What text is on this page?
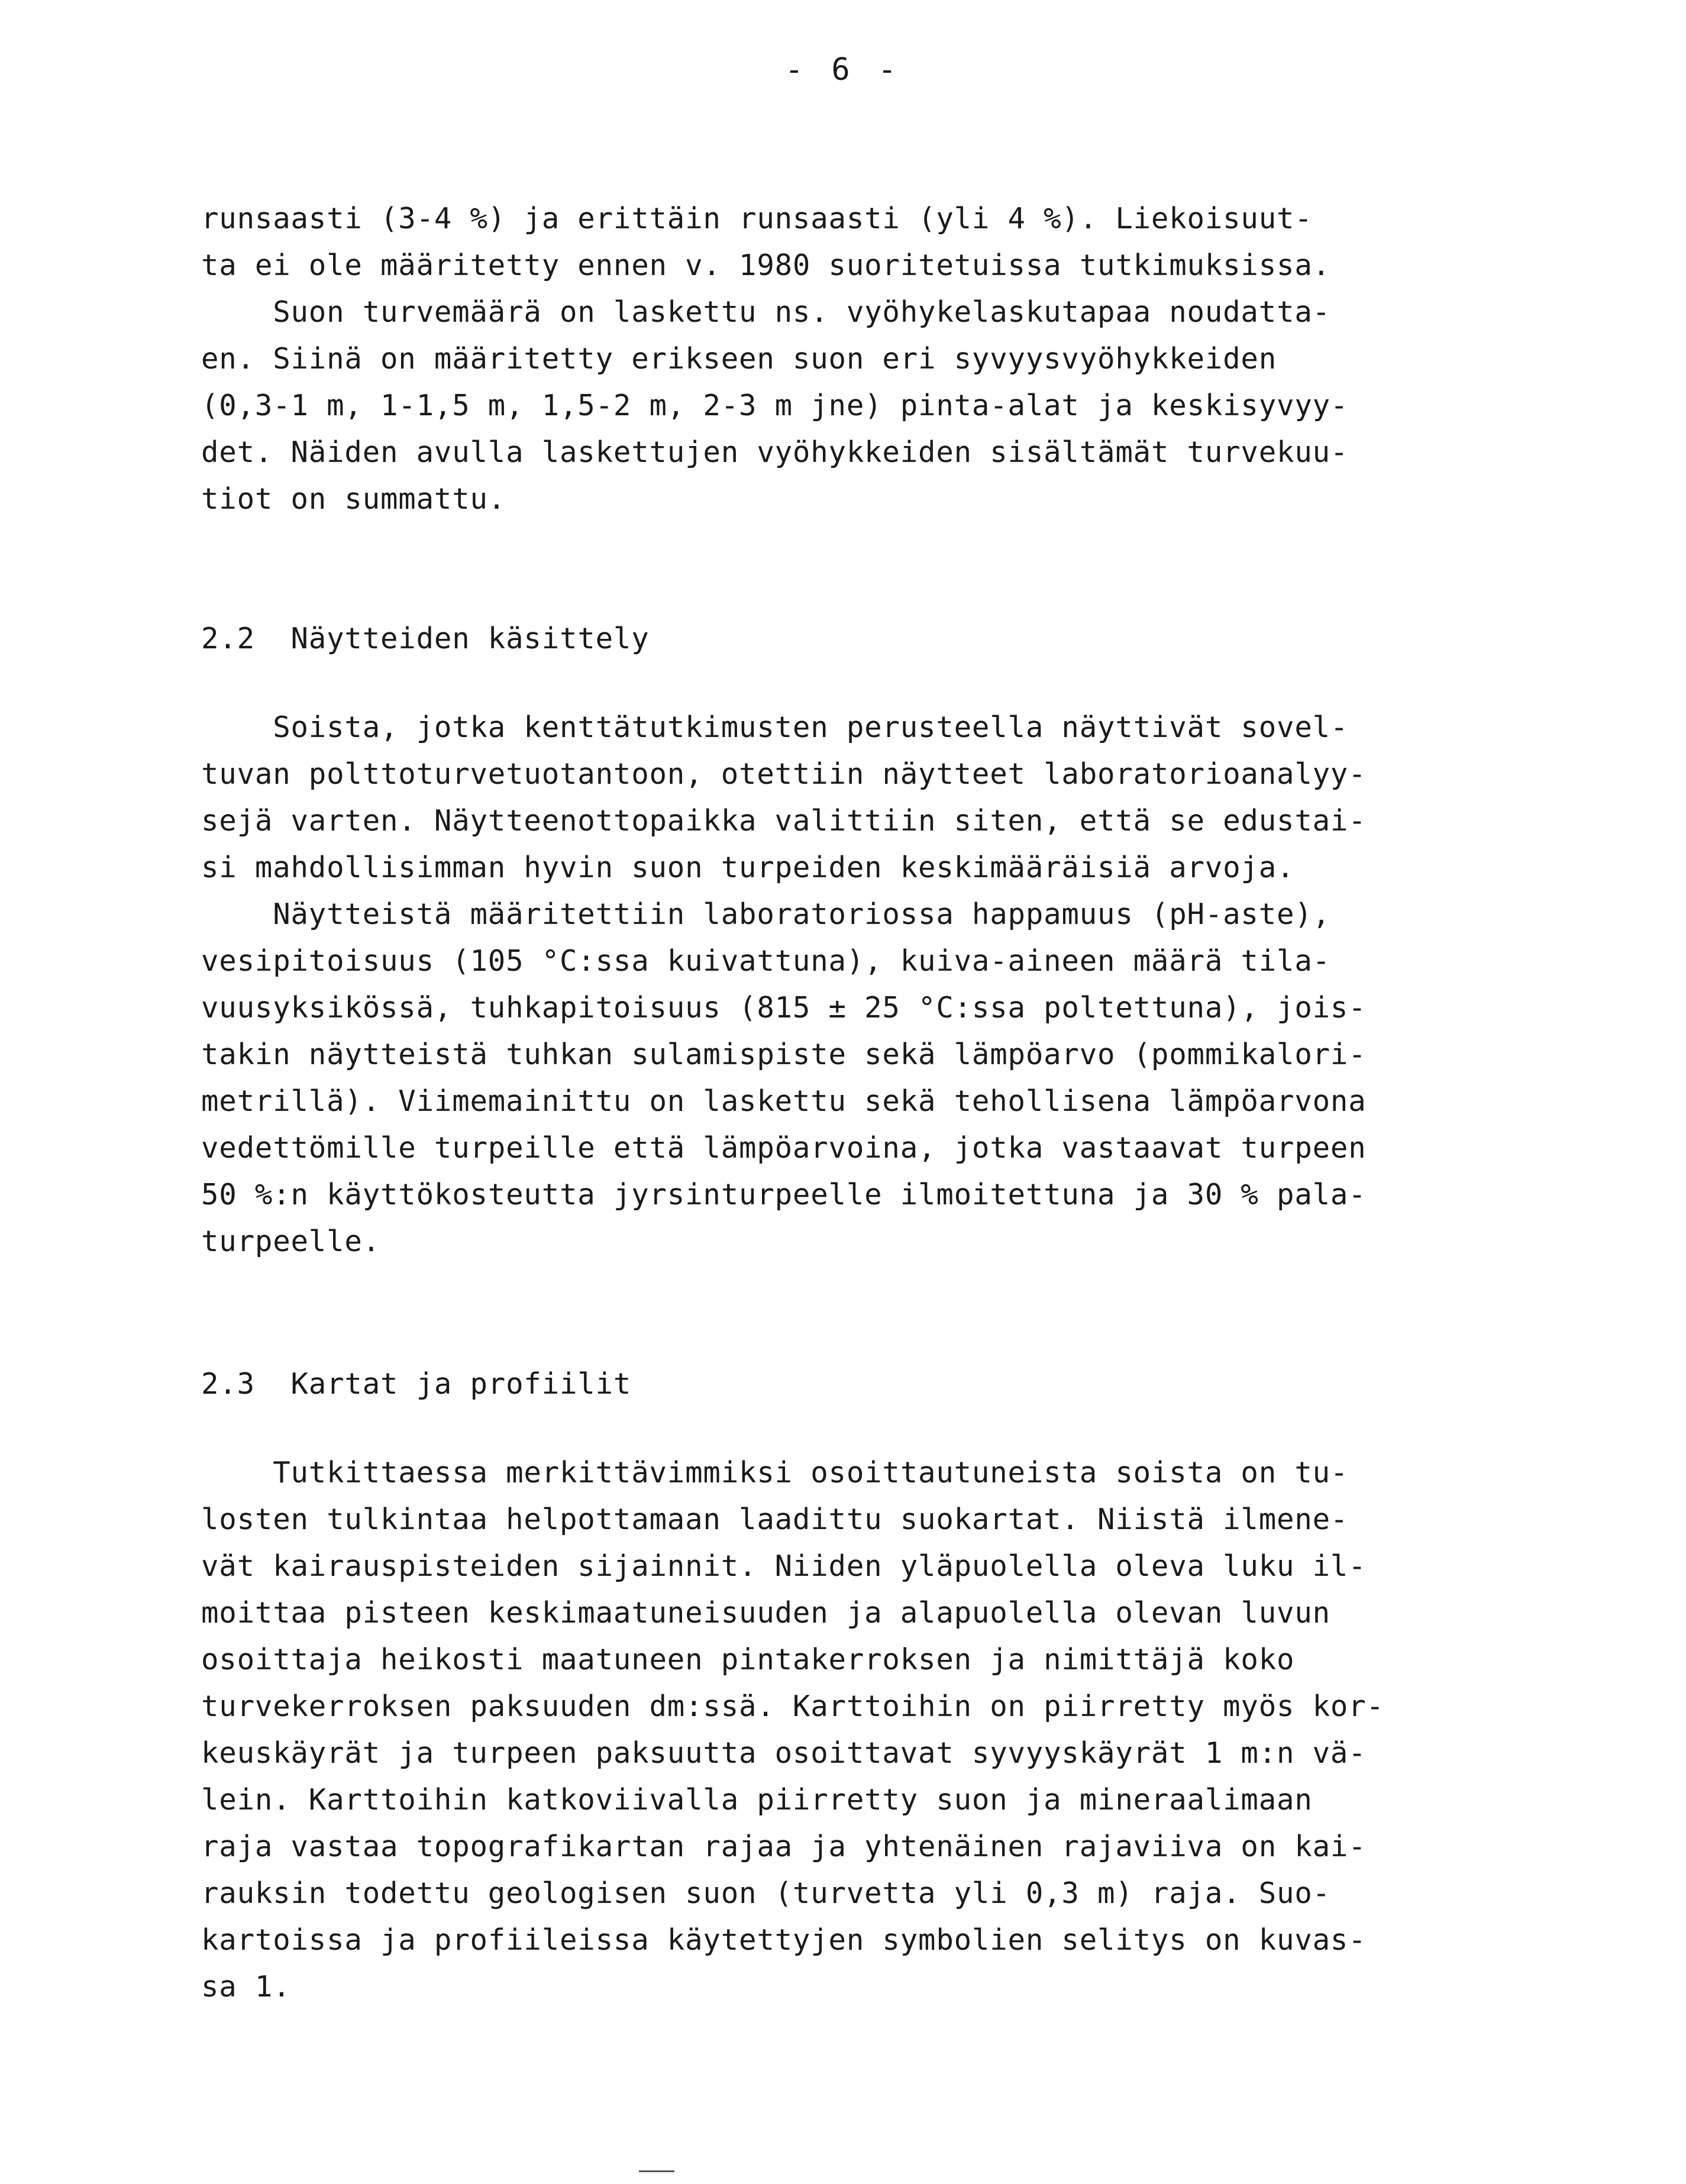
- 6 -
runsaasti (3-4 %) ja erittäin runsaasti (yli 4 %). Liekoisuut-
ta ei ole määritetty ennen v. 1980 suoritetuissa tutkimuksissa.
Suon turvemäärä on laskettu ns. vyöhykelaskutapaa noudatta-
en. Siinä on määritetty erikseen suon eri syvyysvyöhykkeiden
(0,3-1 m, 1-1,5 m, 1,5-2 m, 2-3 m jne) pinta-alat ja keskisyvyy-
det. Näiden avulla laskettujen vyöhykkeiden sisältämät turvekuu-
tiot on summattu.
2.2  Näytteiden käsittely
Soista, jotka kenttätutkimusten perusteella näyttivät sovel-
tuvan polttoturvetuotantoon, otettiin näytteet laboratorioanalyy-
sejä varten. Näytteenottopaikka valittiin siten, että se edustai-
si mahdollisimman hyvin suon turpeiden keskimääräisiä arvoja.
Näytteistä määritettiin laboratoriossa happamuus (pH-aste),
vesipitoisuus (105 °C:ssa kuivattuna), kuiva-aineen määrä tila-
vuusyksikössä, tuhkapitoisuus (815 ± 25 °C:ssa poltettuna), jois-
takin näytteistä tuhkan sulamispiste sekä lämpöarvo (pommikalori-
metrillä). Viimemainittu on laskettu sekä tehollisena lämpöarvona
vedettömille turpeille että lämpöarvoina, jotka vastaavat turpeen
50 %:n käyttökosteutta jyrsinturpeelle ilmoitettuna ja 30 % pala-
turpeelle.
2.3  Kartat ja profiilit
Tutkittaessa merkittävimmiksi osoittautuneista soista on tu-
losten tulkintaa helpottamaan laadittu suokartat. Niistä ilmene-
vät kairauspisteiden sijainnit. Niiden yläpuolella oleva luku il-
moittaa pisteen keskimaatuneisuuden ja alapuolella olevan luvun
osoittaja heikosti maatuneen pintakerroksen ja nimittäjä koko
turvekerroksen paksuuden dm:ssä. Karttoihin on piirretty myös kor-
keuskäyrät ja turpeen paksuutta osoittavat syvyyskäyrät 1 m:n vä-
lein. Karttoihin katkoviivalla piirretty suon ja mineraalimaan
raja vastaa topografikartan rajaa ja yhtenäinen rajaviiva on kai-
rauksin todettu geologisen suon (turvetta yli 0,3 m) raja. Suo-
kartoissa ja profiileissa käytettyjen symbolien selitys on kuvas-
sa 1.
